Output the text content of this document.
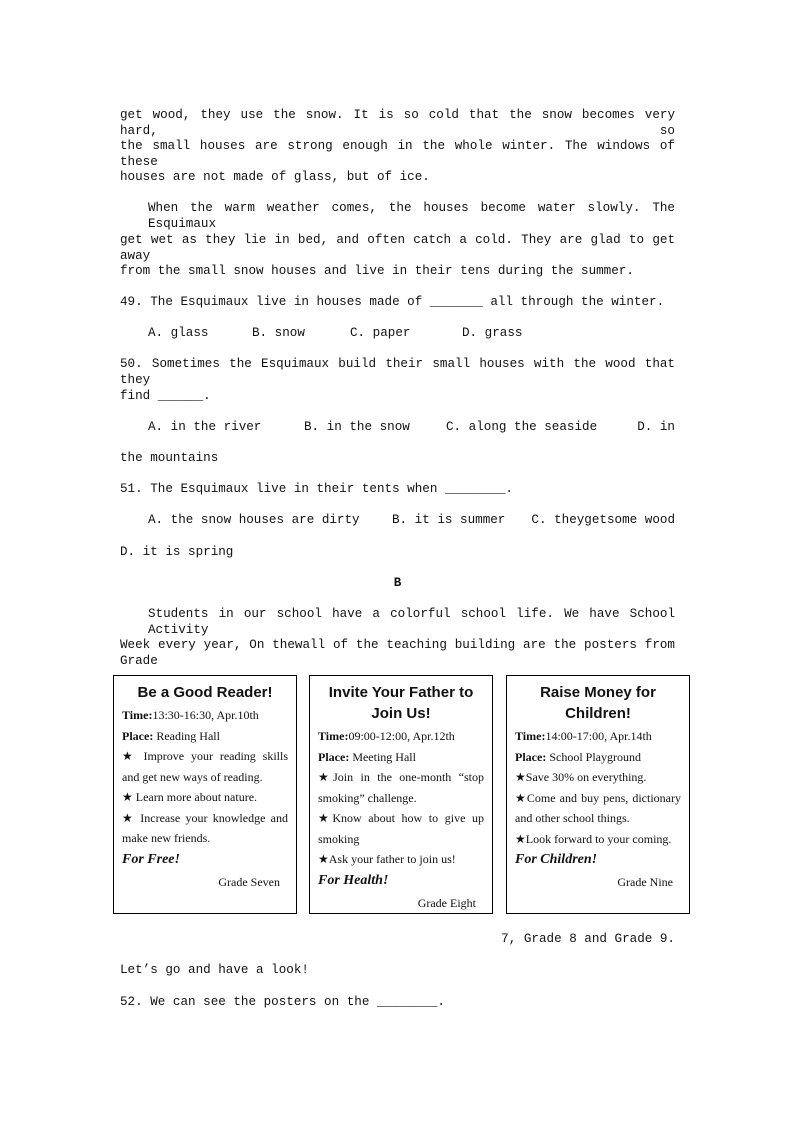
get wood, they use the snow. It is so cold that the snow becomes very hard, so
the small houses are strong enough in the whole winter. The windows of these
houses are not made of glass, but of ice.
When the warm weather comes, the houses become water slowly. The Esquimaux
get wet as they lie in bed, and often catch a cold. They are glad to get away
from the small snow houses and live in their tens during the summer.
49. The Esquimaux live in houses made of _______ all through the winter.
A. glass	B. snow	C. paper	D. grass
50. Sometimes the Esquimaux build their small houses with the wood that they
find ______.
A. in the river	B. in the snow	C. along the seaside	D. in
the mountains
51. The Esquimaux live in their tents when ________.
A. the snow houses are dirty	B. it is summer C. theygetsome wood
D. it is spring
B
Students in our school have a colorful school life. We have School Activity
Week every year, On thewall of the teaching building are the posters from Grade
Be a Good Reader!
Time:13:30-16:30, Apr.10th
Place: Reading Hall
★ Improve your reading skills and get new ways of reading.
★ Learn more about nature.
★ Increase your knowledge and make new friends.
For Free!
Grade Seven
Invite Your Father to Join Us!
Time:09:00-12:00, Apr.12th
Place: Meeting Hall
★Join in the one-month “stop smoking” challenge.
★Know about how to give up smoking
★Ask your father to join us!
For Health!
Grade Eight
Raise Money for Children!
Time:14:00-17:00, Apr.14th
Place: School Playground
★Save 30% on everything.
★Come and buy pens, dictionary and other school things.
★Look forward to your coming.
For Children!
Grade Nine
7, Grade 8 and Grade 9.
Let’s go and have a look!
52. We can see the posters on the ________.
